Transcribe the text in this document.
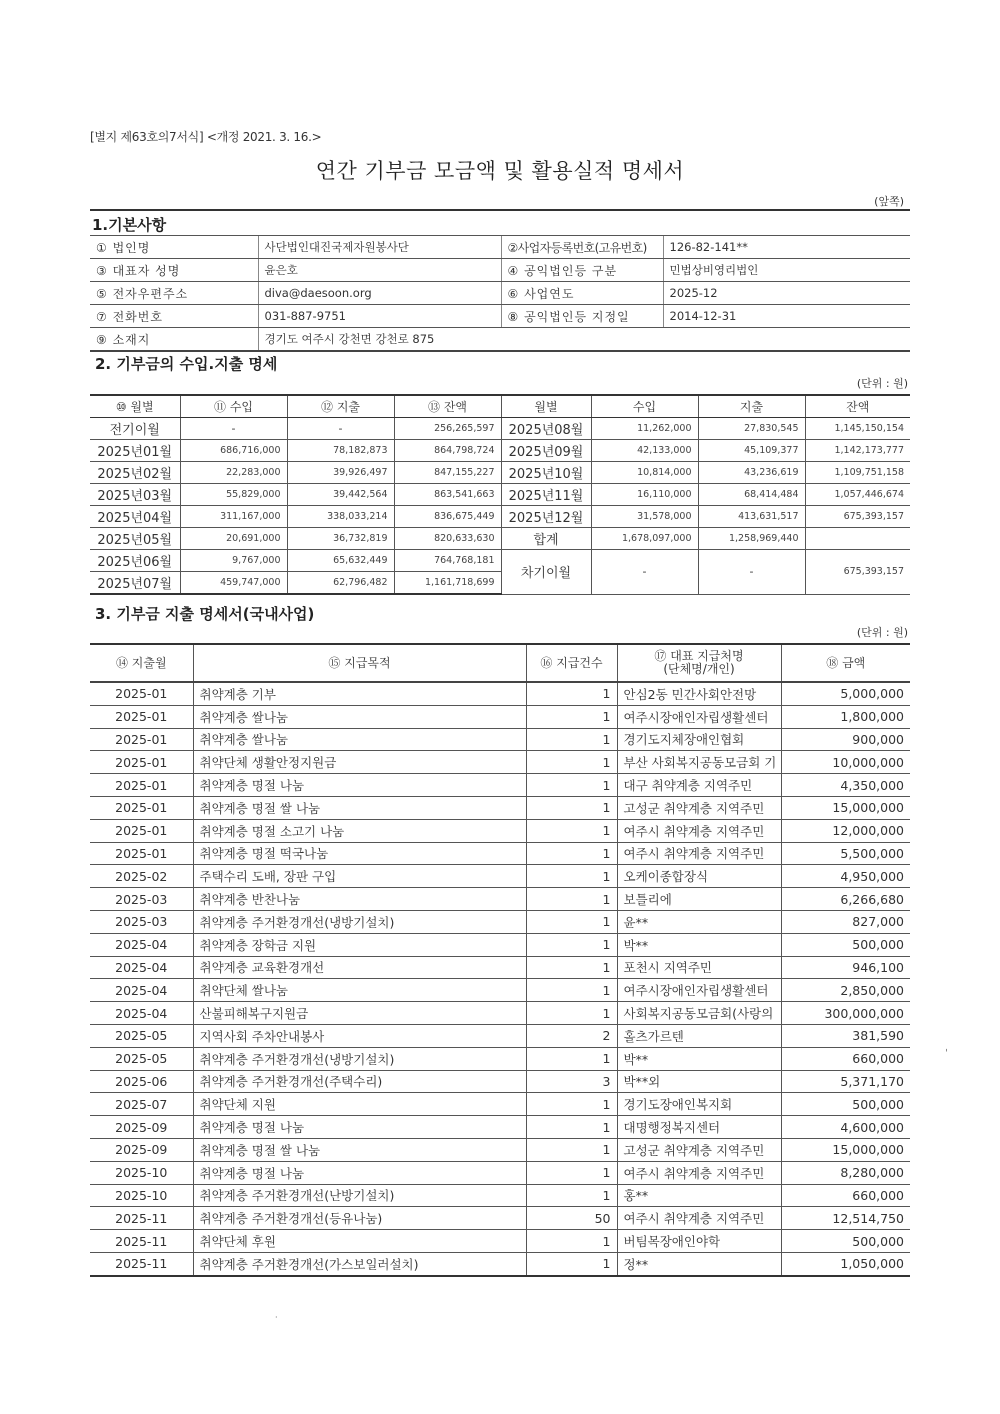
[별지 제63호의7서식] <개정 2021. 3. 16.>
연간 기부금 모금액 및 활용실적 명세서
(앞쪽)
1.기본사항
① 법인명	사단법인대진국제자원봉사단	②사업자등록번호(고유번호)	126-82-141**
③ 대표자 성명	윤은호	④ 공익법인등 구분	민법상비영리법인
⑤ 전자우편주소	diva@daesoon.org	⑥ 사업연도	2025-12
⑦ 전화번호	031-887-9751	⑧ 공익법인등 지정일	2014-12-31
⑨ 소재지	경기도 여주시 강천면 강천로 875		
2. 기부금의 수입.지출 명세
(단위 : 원)
⑩ 월별	⑪ 수입	⑫ 지출	⑬ 잔액	월별	수입	지출	잔액
전기이월	-	-	256,265,597	2025년08월	11,262,000	27,830,545	1,145,150,154
2025년01월	686,716,000	78,182,873	864,798,724	2025년09월	42,133,000	45,109,377	1,142,173,777
2025년02월	22,283,000	39,926,497	847,155,227	2025년10월	10,814,000	43,236,619	1,109,751,158
2025년03월	55,829,000	39,442,564	863,541,663	2025년11월	16,110,000	68,414,484	1,057,446,674
2025년04월	311,167,000	338,033,214	836,675,449	2025년12월	31,578,000	413,631,517	675,393,157
2025년05월	20,691,000	36,732,819	820,633,630	합계	1,678,097,000	1,258,969,440	
2025년06월	9,767,000	65,632,449	764,768,181	차기이월	-	-	675,393,157
2025년07월	459,747,000	62,796,482	1,161,718,699				
3. 기부금 지출 명세서(국내사업)
(단위 : 원)
⑭ 지출월	⑮ 지급목적	⑯ 지급건수	⑰ 대표 지급처명
(단체명/개인)	⑱ 금액
2025-01	취약계층 기부	1	안심2동 민간사회안전망	5,000,000
2025-01	취약계층 쌀나눔	1	여주시장애인자립생활센터	1,800,000
2025-01	취약계층 쌀나눔	1	경기도지체장애인협회	900,000
2025-01	취약단체 생활안정지원금	1	부산 사회복지공동모금회 기	10,000,000
2025-01	취약계층 명절 나눔	1	대구 취약계층 지역주민	4,350,000
2025-01	취약계층 명절 쌀 나눔	1	고성군 취약계층 지역주민	15,000,000
2025-01	취약계층 명절 소고기 나눔	1	여주시 취약계층 지역주민	12,000,000
2025-01	취약계층 명절 떡국나눔	1	여주시 취약계층 지역주민	5,500,000
2025-02	주택수리 도배, 장판 구입	1	오케이종합장식	4,950,000
2025-03	취약계층 반찬나눔	1	보틀리에	6,266,680
2025-03	취약계층 주거환경개선(냉방기설치)	1	윤**	827,000
2025-04	취약계층 장학금 지원	1	박**	500,000
2025-04	취약계층 교육환경개선	1	포천시 지역주민	946,100
2025-04	취약단체 쌀나눔	1	여주시장애인자립생활센터	2,850,000
2025-04	산불피해복구지원금	1	사회복지공동모금회(사랑의	300,000,000
2025-05	지역사회 주차안내봉사	2	홀츠가르텐	381,590
2025-05	취약계층 주거환경개선(냉방기설치)	1	박**	660,000
2025-06	취약계층 주거환경개선(주택수리)	3	박**외	5,371,170
2025-07	취약단체 지원	1	경기도장애인복지회	500,000
2025-09	취약계층 명절 나눔	1	대명행정복지센터	4,600,000
2025-09	취약계층 명절 쌀 나눔	1	고성군 취약계층 지역주민	15,000,000
2025-10	취약계층 명절 나눔	1	여주시 취약계층 지역주민	8,280,000
2025-10	취약계층 주거환경개선(난방기설치)	1	홍**	660,000
2025-11	취약계층 주거환경개선(등유나눔)	50	여주시 취약계층 지역주민	12,514,750
2025-11	취약단체 후원	1	버팀목장애인야학	500,000
2025-11	취약계층 주거환경개선(가스보일러설치)	1	정**	1,050,000
ˌ
·
